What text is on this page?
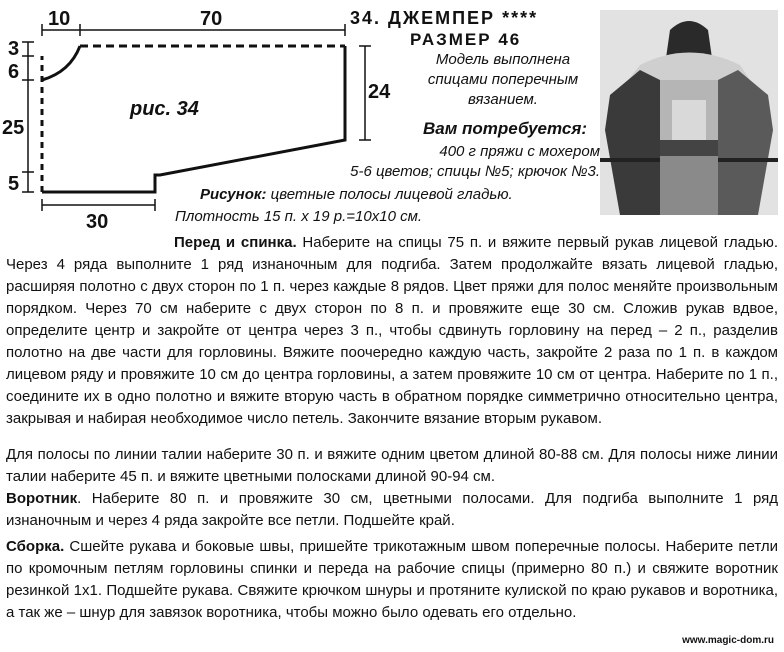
10	70
24
3
6
25
5
30
рис. 34
34. ДЖЕМПЕР ****
РАЗМЕР 46
Модель выполнена спицами поперечным вязанием.
Вам потребуется:
400 г пряжи с мохером
5-6 цветов; спицы №5; крючок №3.
Рисунок: цветные полосы лицевой гладью.
Плотность 15 п. х 19 р.=10х10 см.
Перед и спинка. Наберите на спицы 75 п. и вяжите первый рукав лицевой гладью. Через 4 ряда выполните 1 ряд изнаночным для подгиба. Затем продолжайте вязать лицевой гладью, расширяя полотно с двух сторон по 1 п. через каждые 8 рядов. Цвет пряжи для полос меняйте произвольным порядком. Через 70 см наберите с двух сторон по 8 п. и провяжите еще 30 см. Сложив рукав вдвое, определите центр и закройте от центра через 3 п., чтобы сдвинуть горловину на перед – 2 п., разделив полотно на две части для горловины. Вяжите поочередно каждую часть, закройте 2 раза по 1 п. в каждом лицевом ряду и провяжите 10 см до центра горловины, а затем провяжите 10 см от центра. Наберите по 1 п., соедините их в одно полотно и вяжите вторую часть в обратном порядке симметрично относительно центра, закрывая и набирая необходимое число петель. Закончите вязание вторым рукавом.
Для полосы по линии талии наберите 30 п. и вяжите одним цветом длиной 80-88 см. Для полосы ниже линии талии наберите 45 п. и вяжите цветными полосками длиной 90-94 см.
Воротник. Наберите 80 п. и провяжите 30 см, цветными полосами. Для подгиба выполните 1 ряд изнаночным и через 4 ряда закройте все петли. Подшейте край.
Сборка. Сшейте рукава и боковые швы, пришейте трикотажным швом поперечные полосы. Наберите петли по кромочным петлям горловины спинки и переда на рабочие спицы (примерно 80 п.) и свяжите воротник резинкой 1х1. Подшейте рукава. Свяжите крючком шнуры и протяните кулиской по краю рукавов и воротника, а так же – шнур для завязок воротника, чтобы можно было одевать его отдельно.
www.magic-dom.ru
